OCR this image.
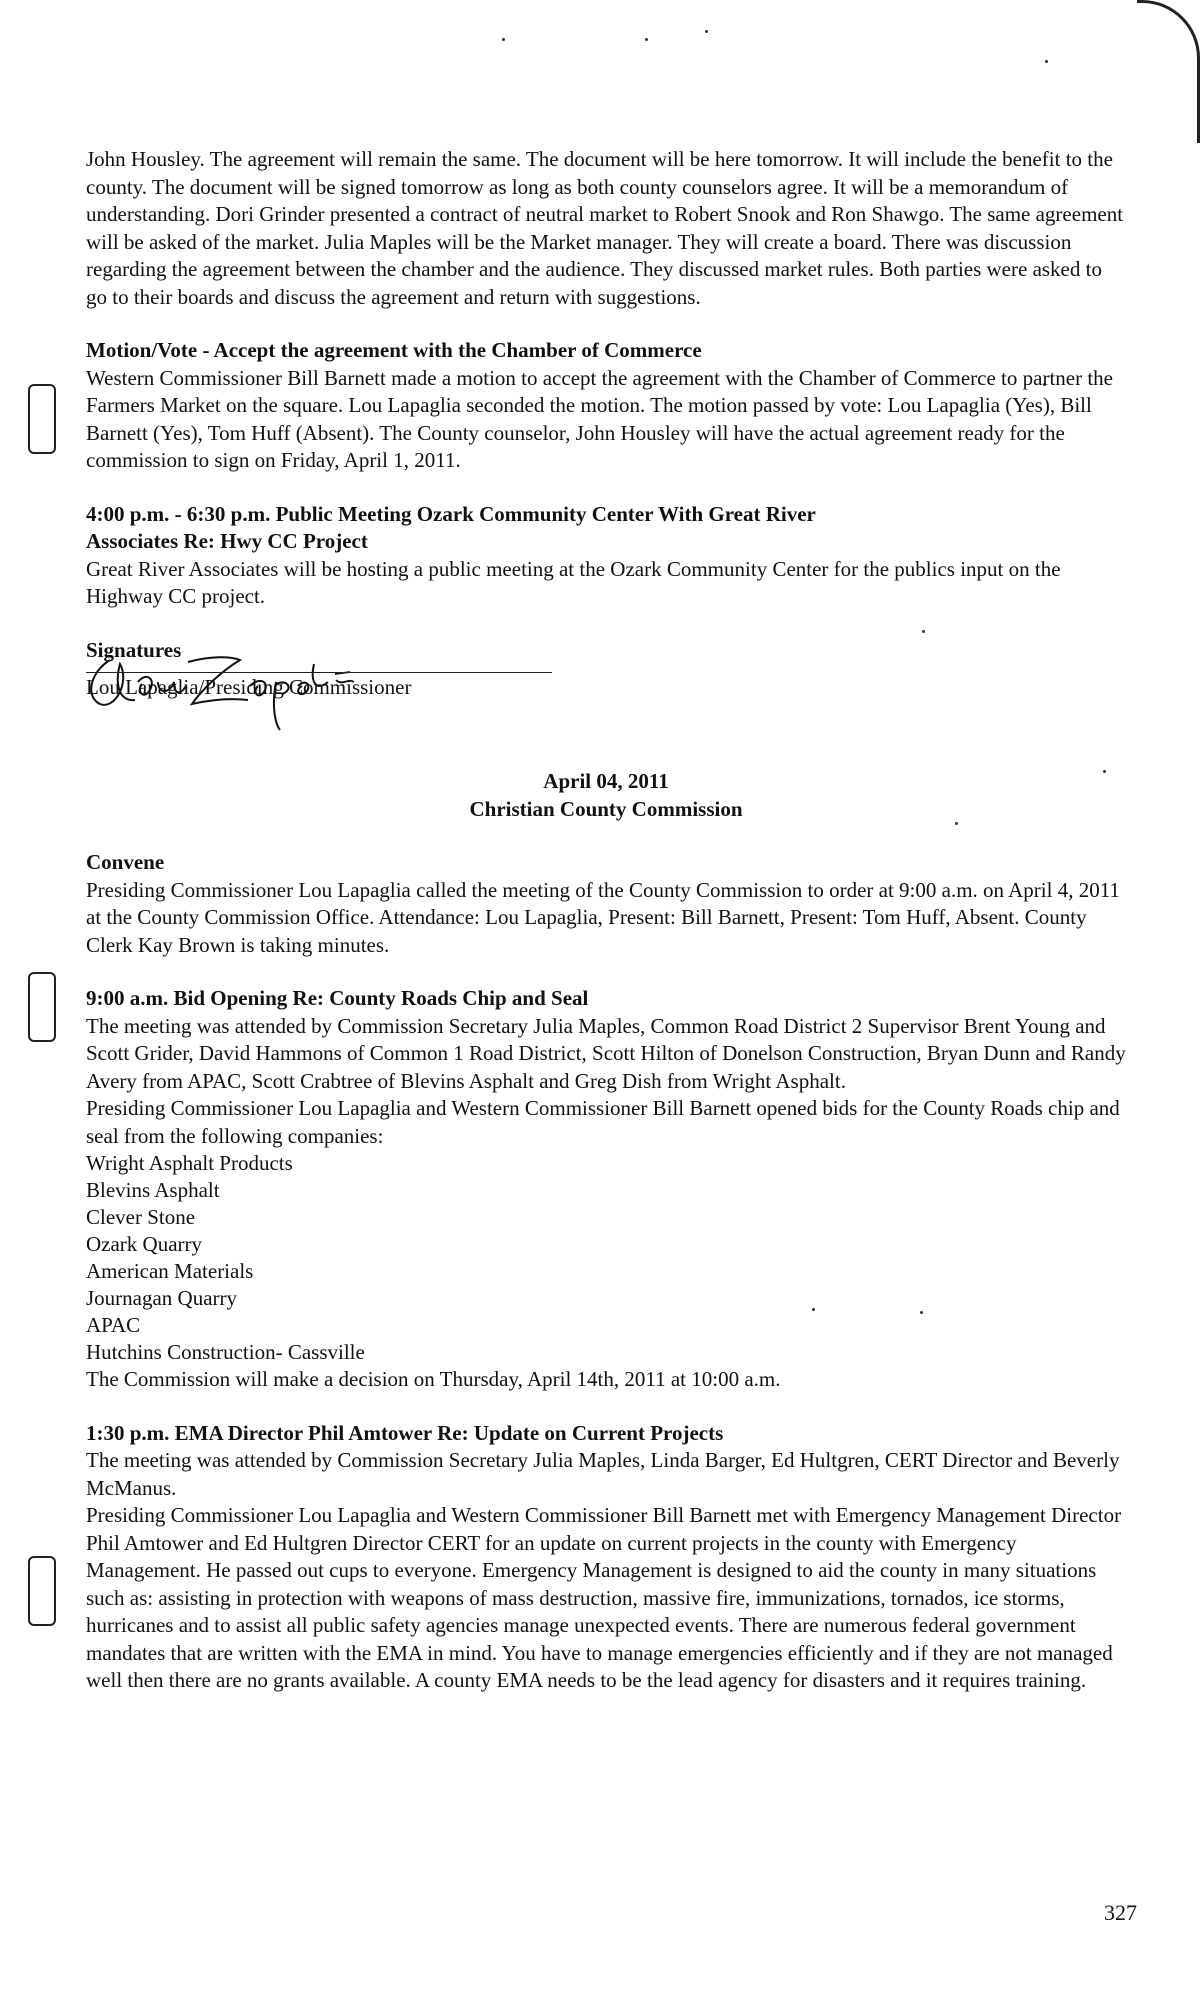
John Housley. The agreement will remain the same. The document will be here tomorrow. It will include the benefit to the county. The document will be signed tomorrow as long as both county counselors agree. It will be a memorandum of understanding. Dori Grinder presented a contract of neutral market to Robert Snook and Ron Shawgo. The same agreement will be asked of the market. Julia Maples will be the Market manager. They will create a board. There was discussion regarding the agreement between the chamber and the audience. They discussed market rules. Both parties were asked to go to their boards and discuss the agreement and return with suggestions.

Motion/Vote - Accept the agreement with the Chamber of Commerce

Western Commissioner Bill Barnett made a motion to accept the agreement with the Chamber of Commerce to partner the Farmers Market on the square. Lou Lapaglia seconded the motion. The motion passed by vote: Lou Lapaglia (Yes), Bill Barnett (Yes), Tom Huff (Absent). The County counselor, John Housley will have the actual agreement ready for the commission to sign on Friday, April 1, 2011.

4:00 p.m. - 6:30 p.m. Public Meeting Ozark Community Center With Great River
Associates Re: Hwy CC Project

Great River Associates will be hosting a public meeting at the Ozark Community Center for the publics input on the Highway CC project.

Signatures

Lou Lapaglia/Presiding Commissioner

April 04, 2011
Christian County Commission
Convene

Presiding Commissioner Lou Lapaglia called the meeting of the County Commission to order at 9:00 a.m. on April 4, 2011 at the County Commission Office. Attendance: Lou Lapaglia, Present: Bill Barnett, Present: Tom Huff, Absent. County Clerk Kay Brown is taking minutes.

9:00 a.m. Bid Opening Re: County Roads Chip and Seal

The meeting was attended by Commission Secretary Julia Maples, Common Road District 2 Supervisor Brent Young and Scott Grider, David Hammons of Common 1 Road District, Scott Hilton of Donelson Construction, Bryan Dunn and Randy Avery from APAC, Scott Crabtree of Blevins Asphalt and Greg Dish from Wright Asphalt.

Presiding Commissioner Lou Lapaglia and Western Commissioner Bill Barnett opened bids for the County Roads chip and seal from the following companies:

Wright Asphalt Products

Blevins Asphalt

Clever Stone

Ozark Quarry

American Materials

Journagan Quarry

APAC

Hutchins Construction- Cassville

The Commission will make a decision on Thursday, April 14th, 2011 at 10:00 a.m.

1:30 p.m. EMA Director Phil Amtower Re: Update on Current Projects

The meeting was attended by Commission Secretary Julia Maples, Linda Barger, Ed Hultgren, CERT Director and Beverly McManus.

Presiding Commissioner Lou Lapaglia and Western Commissioner Bill Barnett met with Emergency Management Director Phil Amtower and Ed Hultgren Director CERT for an update on current projects in the county with Emergency Management. He passed out cups to everyone. Emergency Management is designed to aid the county in many situations such as: assisting in protection with weapons of mass destruction, massive fire, immunizations, tornados, ice storms, hurricanes and to assist all public safety agencies manage unexpected events. There are numerous federal government mandates that are written with the EMA in mind. You have to manage emergencies efficiently and if they are not managed well then there are no grants available. A county EMA needs to be the lead agency for disasters and it requires training.

327
